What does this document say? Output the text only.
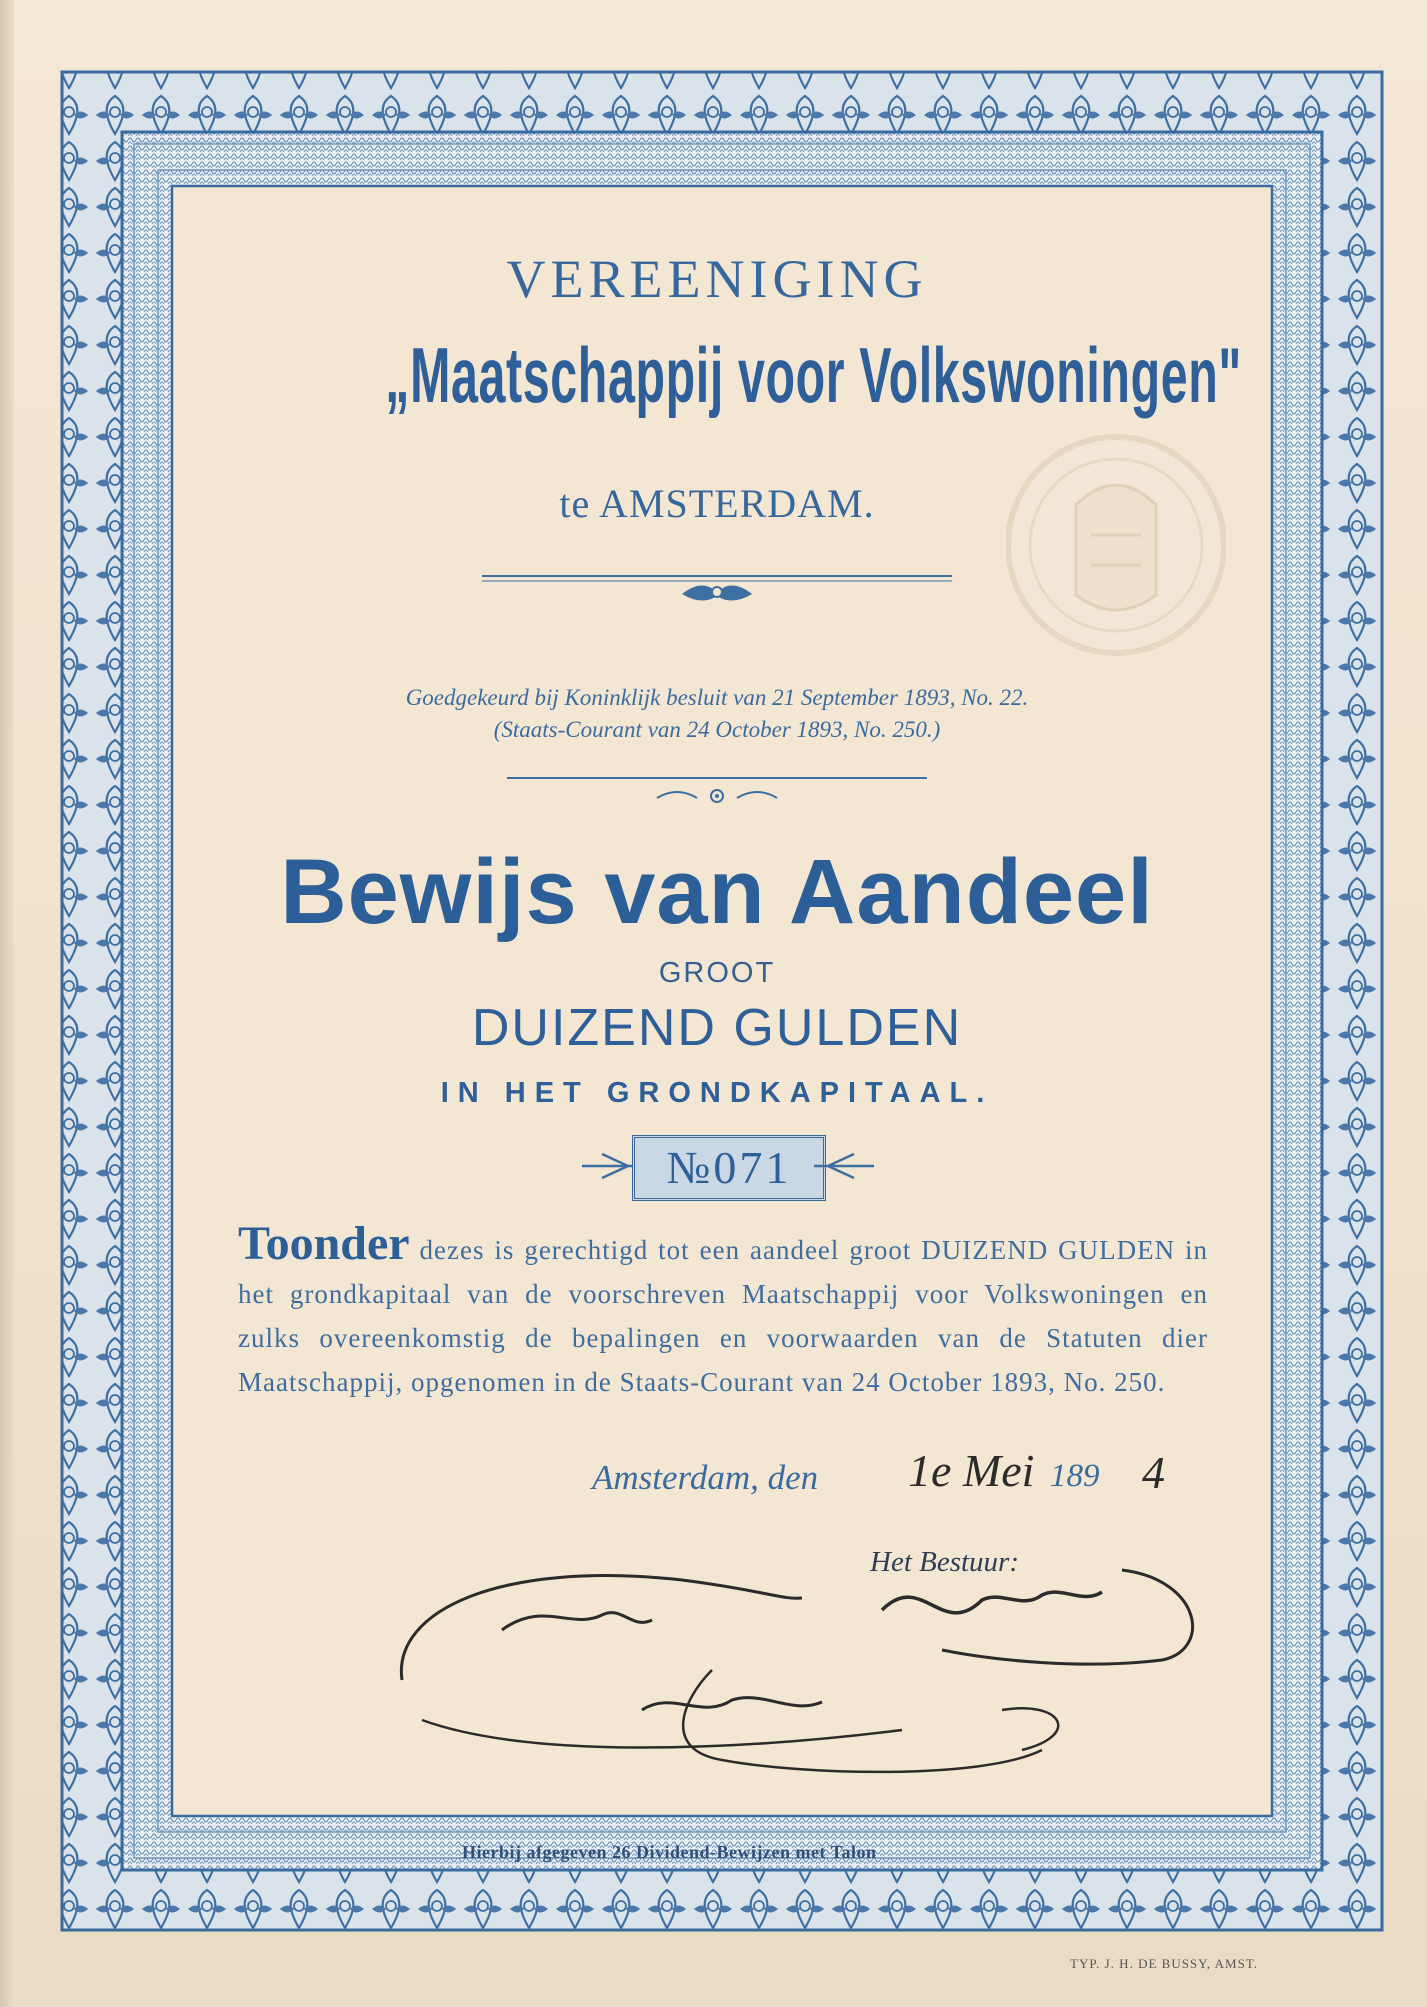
VEREENIGING
„Maatschappij voor Volkswoningen"
te AMSTERDAM.
Goedgekeurd bij Koninklijk besluit van 21 September 1893, No. 22.
(Staats-Courant van 24 October 1893, No. 250.)
Bewijs van Aandeel
GROOT
DUIZEND GULDEN
IN HET GRONDKAPITAAL.
№071
Toonder dezes is gerechtigd tot een aandeel groot DUIZEND GULDEN in het grondkapitaal van de voorschreven Maatschappij voor Volkswoningen en zulks overeenkomstig de bepalingen en voorwaarden van de Statuten dier Maatschappij, opgenomen in de Staats-Courant van 24 October 1893, No. 250.
Amsterdam, den 1e Mei 189 4
Het Bestuur:
Hierbij afgegeven 26 Dividend-Bewijzen met Talon
TYP. J. H. DE BUSSY, AMST.
